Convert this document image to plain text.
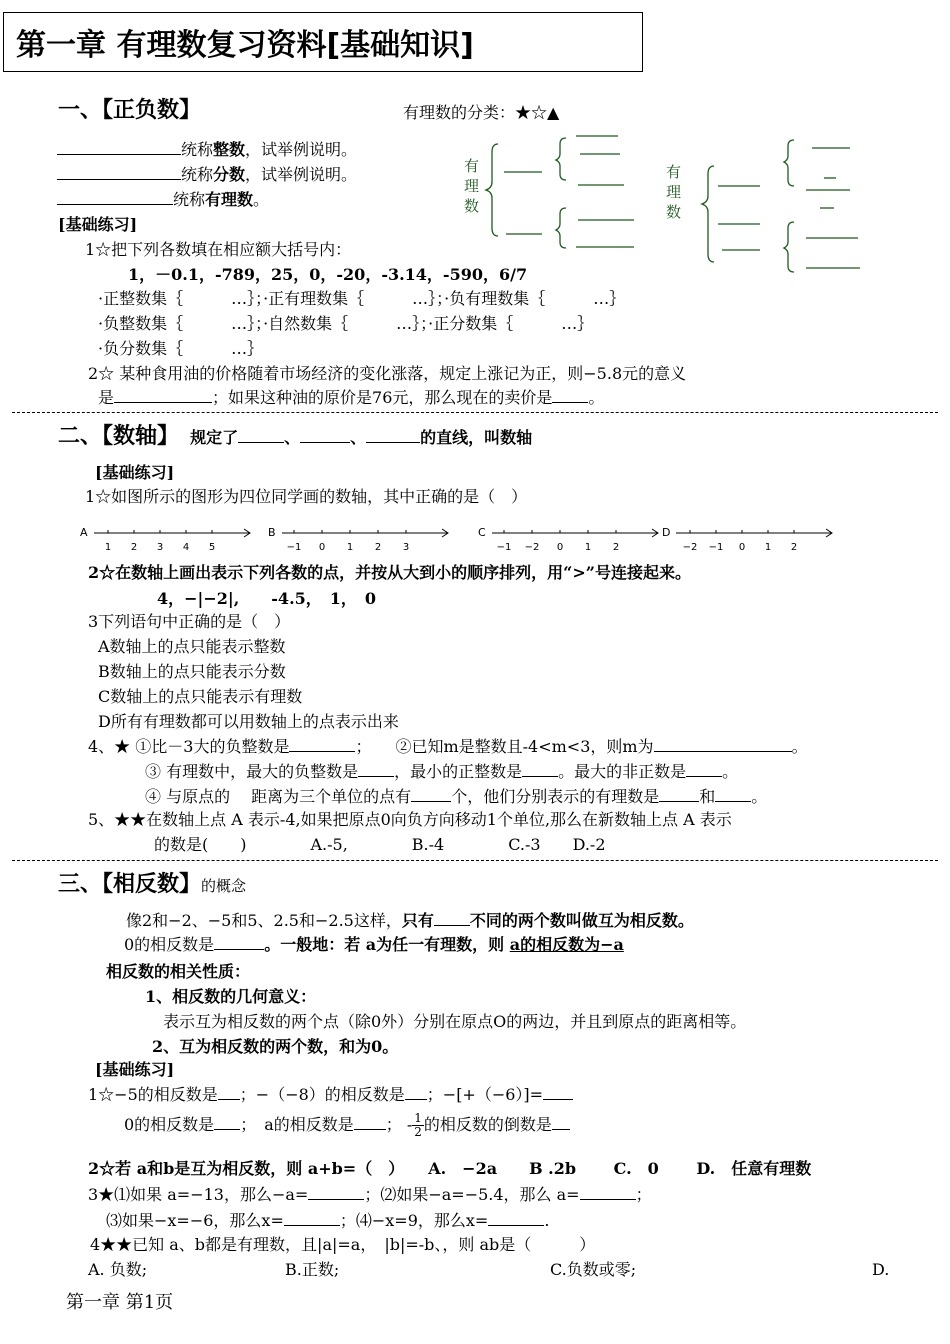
第一章 有理数复习资料[基础知识]
一、【正负数】	有理数的分类：★☆▲
统称整数，试举例说明。
统称分数，试举例说明。
统称有理数。
有理数
有理数
[基础练习]
1☆把下列各数填在相应额大括号内：
1，－0.1，-789，25，0，-20，-3.14，-590，6/7
·正整数集｛　　　…｝；·正有理数集｛　　　…｝；·负有理数集｛　　　…｝
·负整数集｛　　　…｝；·自然数集｛　　　…｝；·正分数集｛　　　…｝
·负分数集｛　　　…｝
2☆ 某种食用油的价格随着市场经济的变化涨落，规定上涨记为正，则−5.8元的意义
是	；如果这种油的原价是76元，那么现在的卖价是 。
二、【数轴】 规定了	、	、	的直线，叫数轴
[基础练习]
1☆如图所示的图形为四位同学画的数轴，其中正确的是（　）
A
1 2 3 4 5
B
−1 0 1 2 3
C
−1 −2 0 1 2
D
−2 −1 0 1 2
2☆在数轴上画出表示下列各数的点，并按从大到小的顺序排列，用“>”号连接起来。
4，−|−2|,　　-4.5，　1，　0
3下列语句中正确的是（　）
A数轴上的点只能表示整数
B数轴上的点只能表示分数
C数轴上的点只能表示有理数
D所有有理数都可以用数轴上的点表示出来
4、★ ①比－3大的负整数是	；　　②已知m是整数且-4<m<3，则m为	。
③ 有理数中，最大的负整数是 ，最小的正整数是 。最大的非正数是 。
④ 与原点的　 距离为三个单位的点有	个，他们分别表示的有理数是	和 。
5、★★在数轴上点 A 表示-4,如果把原点0向负方向移动1个单位,那么在新数轴上点 A 表示
的数是(　　)　　　　A.-5,　　　　B.-4　　　　C.-3　　D.-2
三、【相反数】的概念
像2和−2、−5和5、2.5和−2.5这样，只有 不同的两个数叫做互为相反数。
0的相反数是	。一般地：若 a为任一有理数，则 a的相反数为−a
相反数的相关性质：
1、相反数的几何意义：
表示互为相反数的两个点（除0外）分别在原点O的两边，并且到原点的距离相等。
2、互为相反数的两个数，和为0。
[基础练习]
1☆−5的相反数是 ；−（−8）的相反数是 ；−[+（−6）]=
0的相反数是 ；　a的相反数是 ； - $\frac{1}{2}$的相反数的倒数是
2☆若 a和b是互为相反数，则 a+b=（　）　　A.　−2a　　B .2b　　 C.　0　　 D.　任意有理数
3★⑴如果 a=−13，那么−a=	；⑵如果−a=−5.4，那么 a=	；
⑶如果−x=−6，那么x=	；⑷−x=9，那么x=	.
4★★已知 a、b都是有理数，且|a|=a，　|b|=-b、，则 ab是（　　　）
A. 负数;	B.正数;	C.负数或零;	D.
第一章 第1页
